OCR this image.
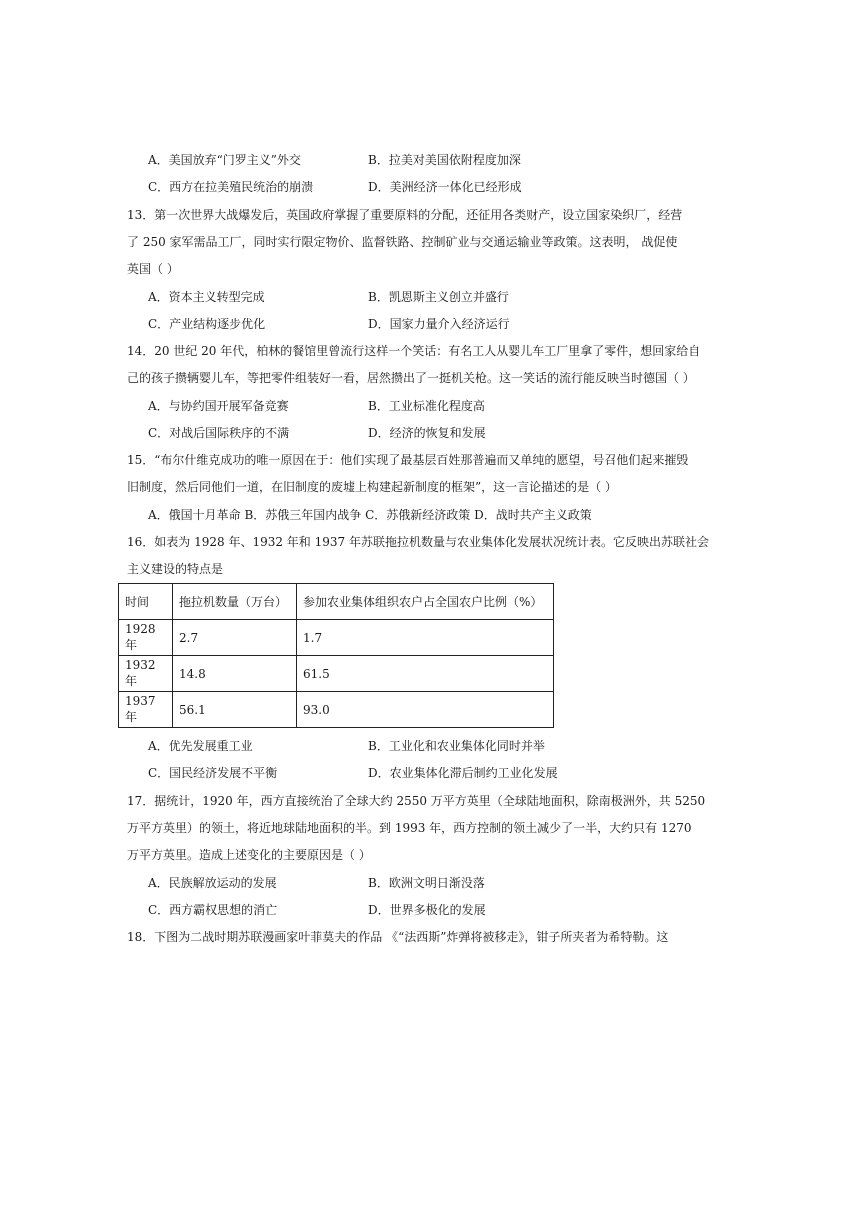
A．美国放弃“门罗主义”外交	B．拉美对美国依附程度加深
C．西方在拉美殖民统治的崩溃	D．美洲经济一体化已经形成
13．第一次世界大战爆发后，英国政府掌握了重要原料的分配，还征用各类财产，设立国家染织厂，经营
了 250 家军需品工厂，同时实行限定物价、监督铁路、控制矿业与交通运输业等政策。这表明， 战促使
英国（ ）
A．资本主义转型完成	B．凯恩斯主义创立并盛行
C．产业结构逐步优化	D．国家力量介入经济运行
14．20 世纪 20 年代，柏林的餐馆里曾流行这样一个笑话：有名工人从婴儿车工厂里拿了零件，想回家给自
己的孩子攒辆婴儿车，等把零件组装好一看，居然攒出了一挺机关枪。这一笑话的流行能反映当时德国（ ）
A．与协约国开展军备竞赛	B．工业标准化程度高
C．对战后国际秩序的不满	D．经济的恢复和发展
15．“布尔什维克成功的唯一原因在于：他们实现了最基层百姓那普遍而又单纯的愿望，号召他们起来摧毁
旧制度，然后同他们一道，在旧制度的废墟上构建起新制度的框架”，这一言论描述的是（ ）
A．俄国十月革命 B．苏俄三年国内战争 C．苏俄新经济政策 D．战时共产主义政策
16．如表为 1928 年、1932 年和 1937 年苏联拖拉机数量与农业集体化发展状况统计表。它反映出苏联社会
主义建设的特点是
时间	拖拉机数量（万台）	参加农业集体组织农户占全国农户比例（%）
1928 年	2.7	1.7
1932 年	14.8	61.5
1937 年	56.1	93.0
A．优先发展重工业	B．工业化和农业集体化同时并举
C．国民经济发展不平衡	D．农业集体化滞后制约工业化发展
17．据统计，1920 年，西方直接统治了全球大约 2550 万平方英里（全球陆地面积，除南极洲外，共 5250
万平方英里）的领土，将近地球陆地面积的半。到 1993 年，西方控制的领土减少了一半，大约只有 1270
万平方英里。造成上述变化的主要原因是（ ）
A．民族解放运动的发展	B．欧洲文明日渐没落
C．西方霸权思想的消亡	D．世界多极化的发展
18．下图为二战时期苏联漫画家叶菲莫夫的作品 《“法西斯”炸弹将被移走》，钳子所夹者为希特勒。这
